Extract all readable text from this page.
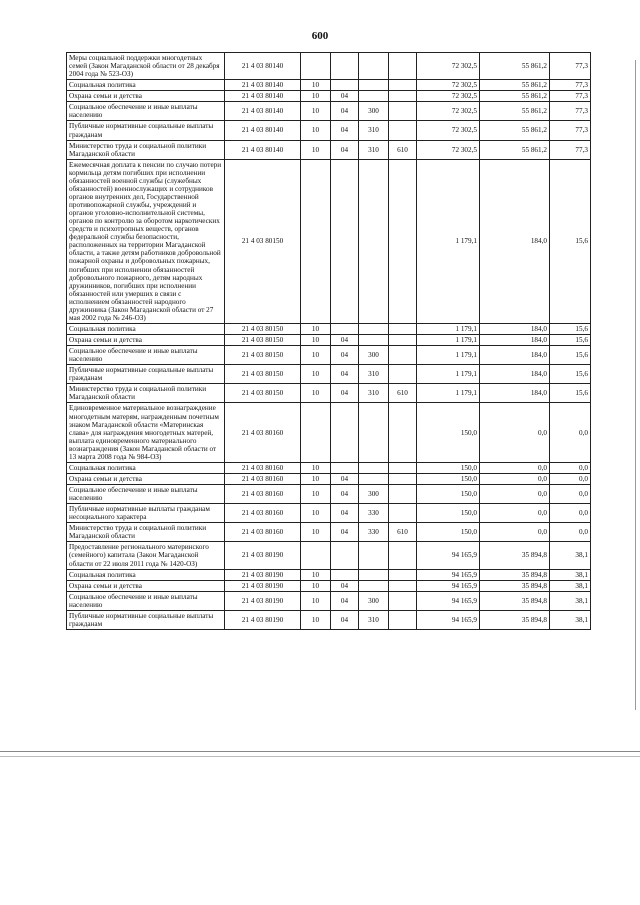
600
Меры социальной поддержки многодетных семей (Закон Магаданской области от 28 декабря 2004 года № 523-ОЗ)	21 4 03 80140					72 302,5	55 861,2	77,3
Социальная политика	21 4 03 80140	10				72 302,5	55 861,2	77,3
Охрана семьи и детства	21 4 03 80140	10	04			72 302,5	55 861,2	77,3
Социальное обеспечение и иные выплаты населению	21 4 03 80140	10	04	300		72 302,5	55 861,2	77,3
Публичные нормативные социальные выплаты гражданам	21 4 03 80140	10	04	310		72 302,5	55 861,2	77,3
Министерство труда и социальной политики Магаданской области	21 4 03 80140	10	04	310	610	72 302,5	55 861,2	77,3
Ежемесячная доплата к пенсии по случаю потери кормильца детям погибших при исполнении обязанностей военной службы (служебных обязанностей) военнослужащих и сотрудников органов внутренних дел, Государственной противопожарной службы, учреждений и органов уголовно-исполнительной системы, органов по контролю за оборотом наркотических средств и психотропных веществ, органов федеральной службы безопасности, расположенных на территории Магаданской области, а также детям работников добровольной пожарной охраны и добровольных пожарных, погибших при исполнении обязанностей добровольного пожарного, детям народных дружинников, погибших при исполнении обязанностей или умерших в связи с исполнением обязанностей народного дружинника (Закон Магаданской области от 27 мая 2002 года № 246-ОЗ)	21 4 03 80150					1 179,1	184,0	15,6
Социальная политика	21 4 03 80150	10				1 179,1	184,0	15,6
Охрана семьи и детства	21 4 03 80150	10	04			1 179,1	184,0	15,6
Социальное обеспечение и иные выплаты населению	21 4 03 80150	10	04	300		1 179,1	184,0	15,6
Публичные нормативные социальные выплаты гражданам	21 4 03 80150	10	04	310		1 179,1	184,0	15,6
Министерство труда и социальной политики Магаданской области	21 4 03 80150	10	04	310	610	1 179,1	184,0	15,6
Единовременное материальное вознаграждение многодетным матерям, награжденным почетным знаком Магаданской области «Материнская слава» для награждения многодетных матерей, выплата единовременного материального вознаграждения (Закон Магаданской области от 13 марта 2008 года № 984-ОЗ)	21 4 03 80160					150,0	0,0	0,0
Социальная политика	21 4 03 80160	10				150,0	0,0	0,0
Охрана семьи и детства	21 4 03 80160	10	04			150,0	0,0	0,0
Социальное обеспечение и иные выплаты населению	21 4 03 80160	10	04	300		150,0	0,0	0,0
Публичные нормативные выплаты гражданам несоциального характера	21 4 03 80160	10	04	330		150,0	0,0	0,0
Министерство труда и социальной политики Магаданской области	21 4 03 80160	10	04	330	610	150,0	0,0	0,0
Предоставление регионального материнского (семейного) капитала (Закон Магаданской области от 22 июля 2011 года № 1420-ОЗ)	21 4 03 80190					94 165,9	35 894,8	38,1
Социальная политика	21 4 03 80190	10				94 165,9	35 894,8	38,1
Охрана семьи и детства	21 4 03 80190	10	04			94 165,9	35 894,8	38,1
Социальное обеспечение и иные выплаты населению	21 4 03 80190	10	04	300		94 165,9	35 894,8	38,1
Публичные нормативные социальные выплаты гражданам	21 4 03 80190	10	04	310		94 165,9	35 894,8	38,1
